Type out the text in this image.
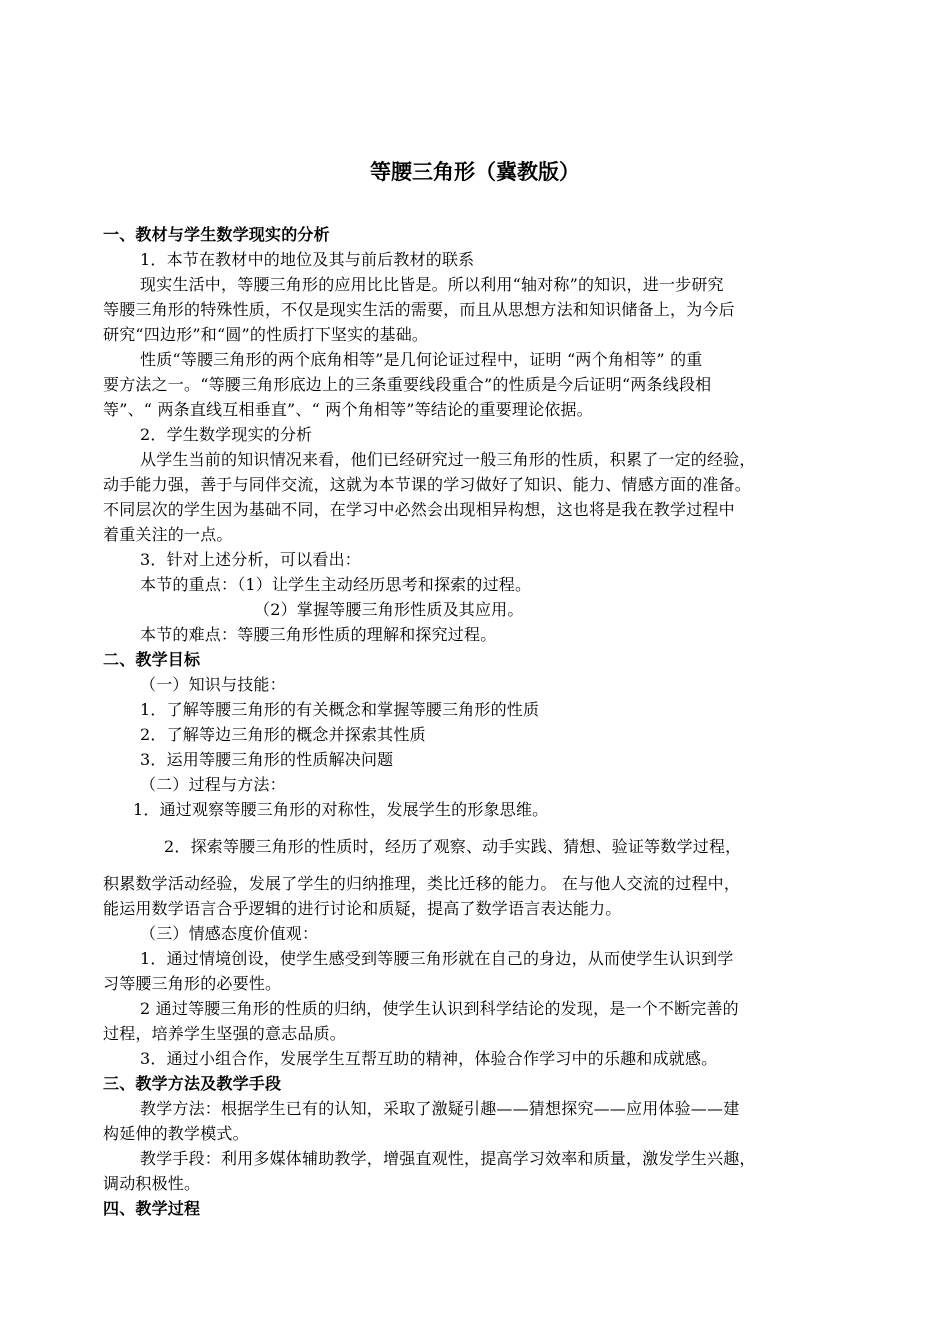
等腰三角形（冀教版）
一、教材与学生数学现实的分析
1．本节在教材中的地位及其与前后教材的联系
现实生活中，等腰三角形的应用比比皆是。所以利用“轴对称”的知识，进一步研究
等腰三角形的特殊性质，不仅是现实生活的需要，而且从思想方法和知识储备上，为今后
研究“四边形”和“圆”的性质打下坚实的基础。
性质“等腰三角形的两个底角相等”是几何论证过程中，证明 “两个角相等” 的重
要方法之一。“等腰三角形底边上的三条重要线段重合”的性质是今后证明“两条线段相
等”、“ 两条直线互相垂直”、“ 两个角相等”等结论的重要理论依据。
2．学生数学现实的分析
从学生当前的知识情况来看，他们已经研究过一般三角形的性质，积累了一定的经验，
动手能力强，善于与同伴交流，这就为本节课的学习做好了知识、能力、情感方面的准备。
不同层次的学生因为基础不同，在学习中必然会出现相异构想，这也将是我在教学过程中
着重关注的一点。
3．针对上述分析，可以看出：
本节的重点：（1）让学生主动经历思考和探索的过程。
（2）掌握等腰三角形性质及其应用。
本节的难点：等腰三角形性质的理解和探究过程。
二、教学目标
（一）知识与技能：
1．了解等腰三角形的有关概念和掌握等腰三角形的性质
2．了解等边三角形的概念并探索其性质
3．运用等腰三角形的性质解决问题
（二）过程与方法：
1．通过观察等腰三角形的对称性，发展学生的形象思维。
2．探索等腰三角形的性质时，经历了观察、动手实践、猜想、验证等数学过程，
积累数学活动经验，发展了学生的归纳推理，类比迁移的能力。 在与他人交流的过程中，
能运用数学语言合乎逻辑的进行讨论和质疑，提高了数学语言表达能力。
（三）情感态度价值观：
1．通过情境创设，使学生感受到等腰三角形就在自己的身边，从而使学生认识到学
习等腰三角形的必要性。
2 通过等腰三角形的性质的归纳，使学生认识到科学结论的发现，是一个不断完善的
过程，培养学生坚强的意志品质。
3．通过小组合作，发展学生互帮互助的精神，体验合作学习中的乐趣和成就感。
三、教学方法及教学手段
教学方法：根据学生已有的认知，采取了激疑引趣——猜想探究——应用体验——建
构延伸的教学模式。
教学手段：利用多媒体辅助教学，增强直观性，提高学习效率和质量，激发学生兴趣，
调动积极性。
四、教学过程
